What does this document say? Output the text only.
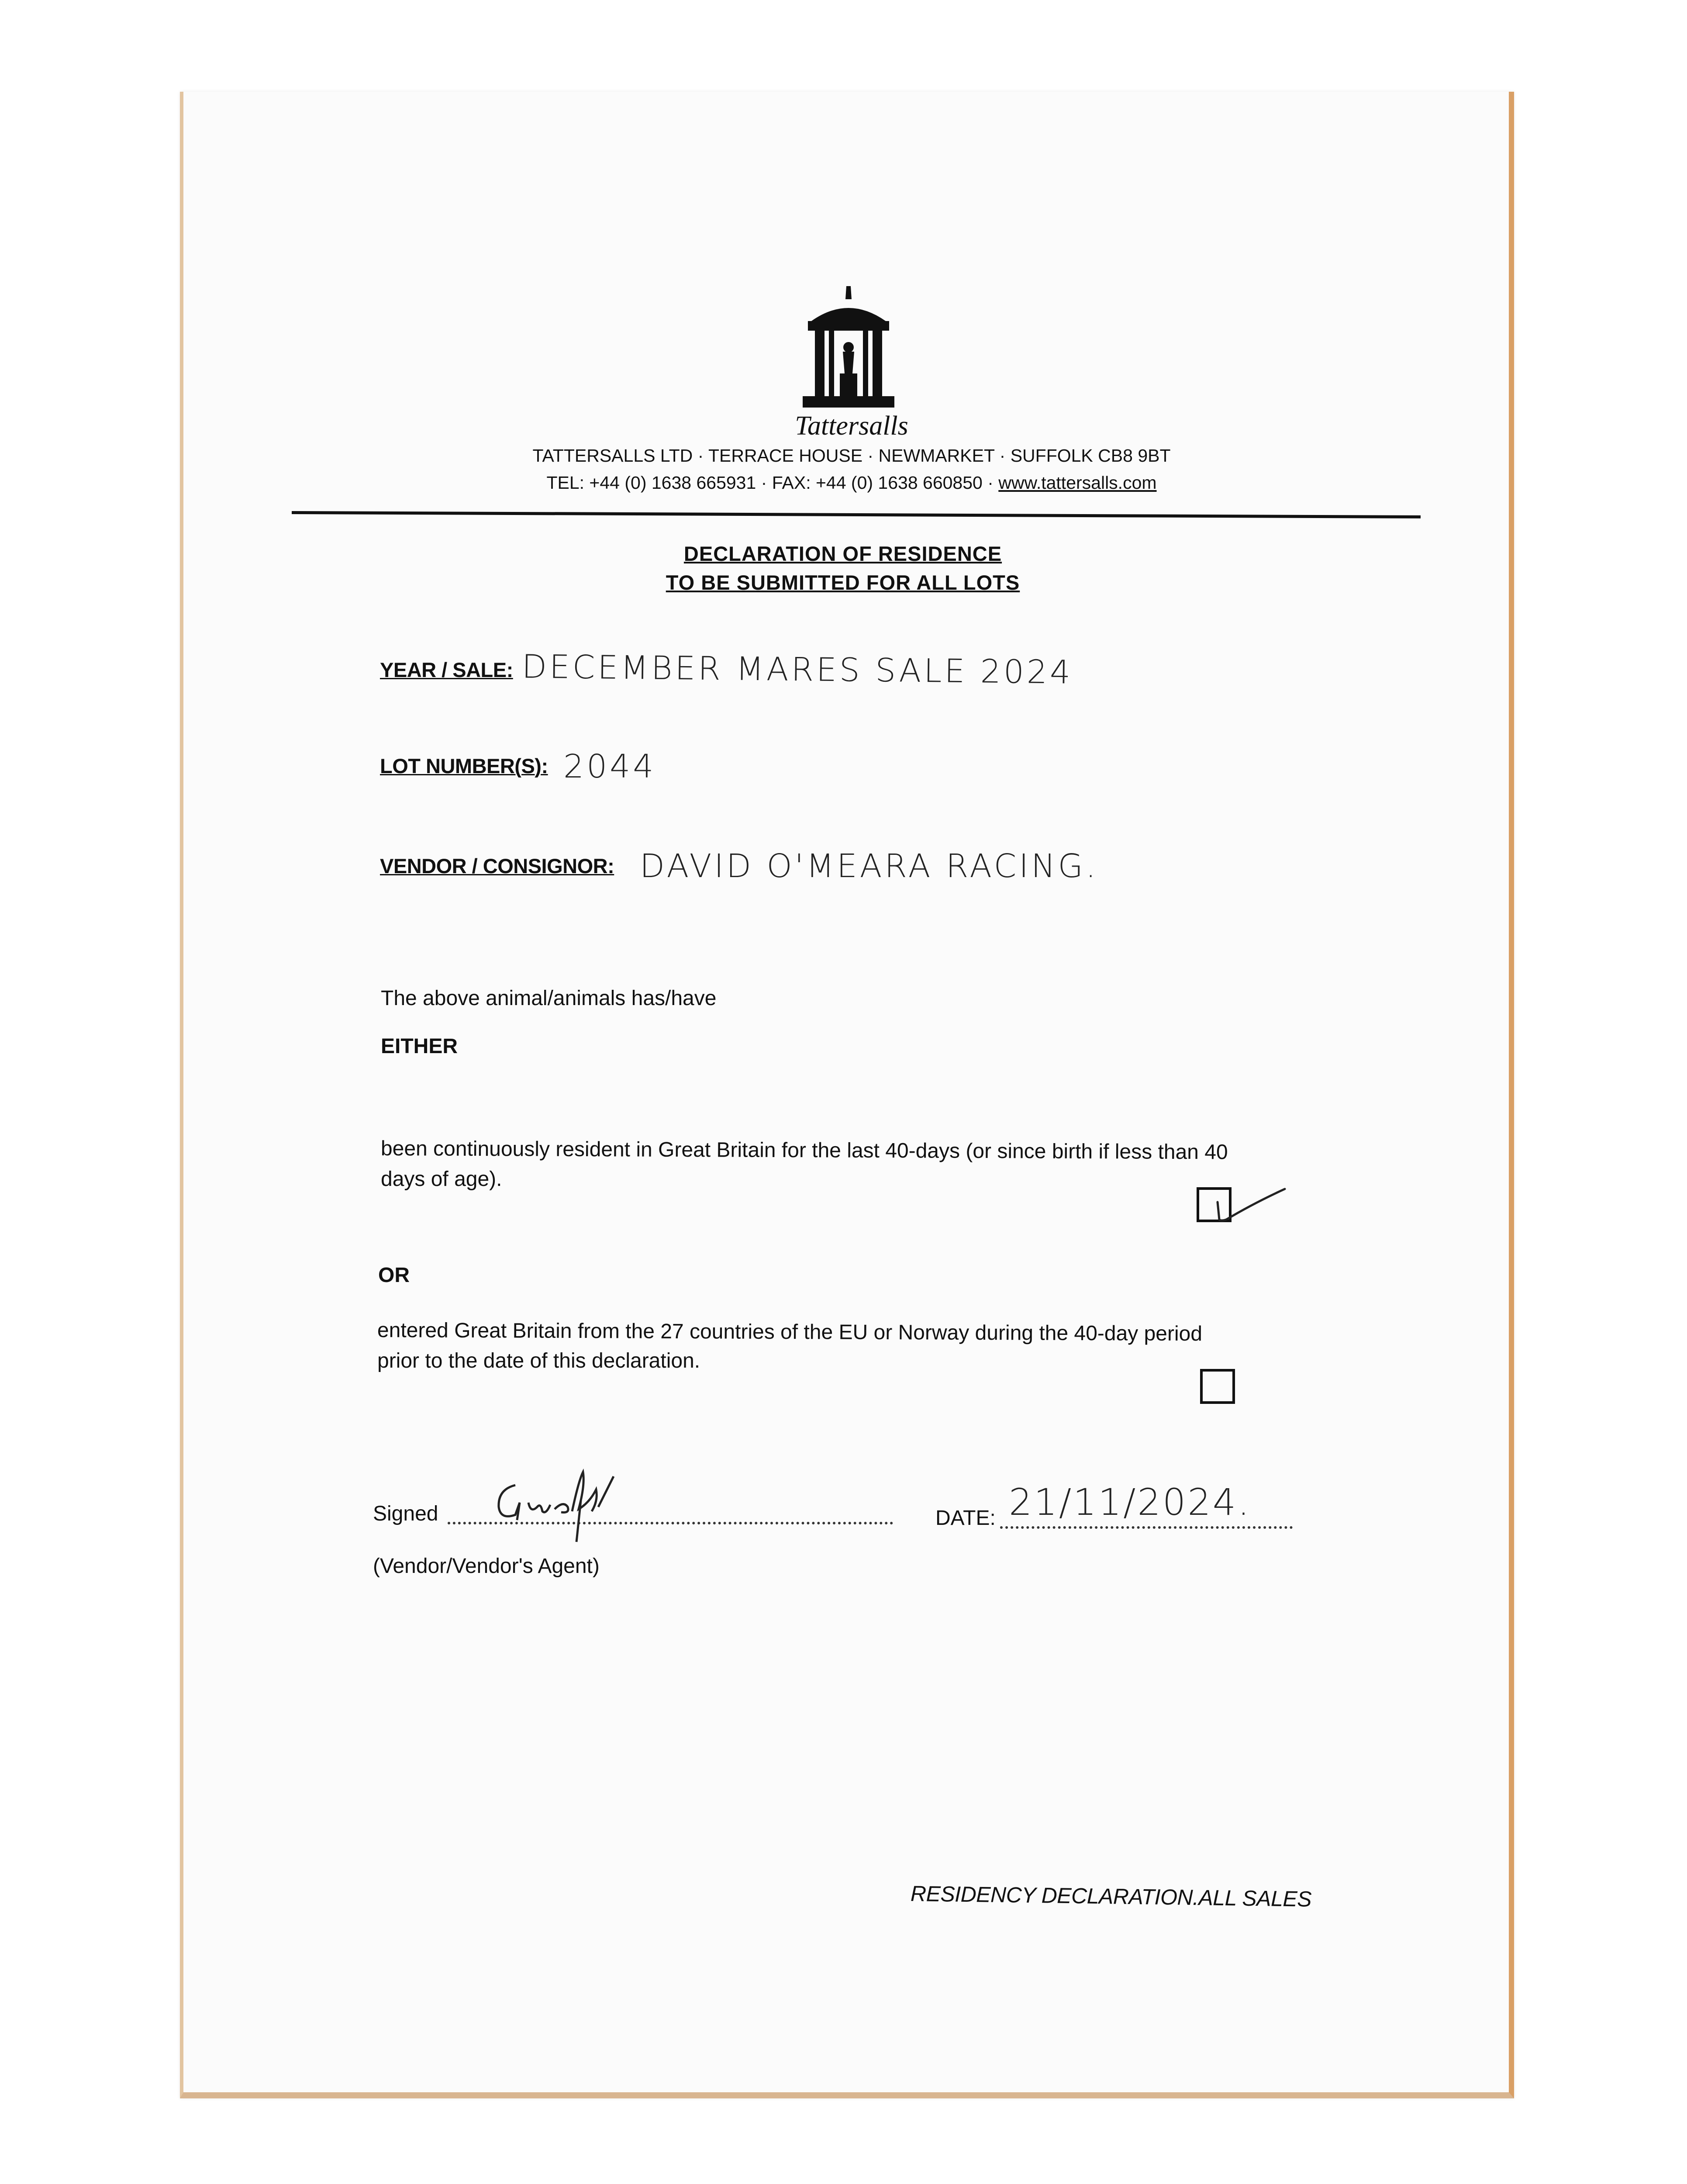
Tattersalls
TATTERSALLS LTD · TERRACE HOUSE · NEWMARKET · SUFFOLK CB8 9BT
TEL: +44 (0) 1638 665931 · FAX: +44 (0) 1638 660850 · www.tattersalls.com
DECLARATION OF RESIDENCE
TO BE SUBMITTED FOR ALL LOTS
YEAR / SALE: DECEMBER MARES SALE 2024
LOT NUMBER(S): 2044
VENDOR / CONSIGNOR: DAVID O'MEARA RACING.
The above animal/animals has/have
EITHER
been continuously resident in Great Britain for the last 40-days (or since birth if less than 40
days of age).
OR
entered Great Britain from the 27 countries of the EU or Norway during the 40-day period
prior to the date of this declaration.
Signed
(Vendor/Vendor's Agent)
DATE: 21/11/2024.
RESIDENCY DECLARATION.ALL SALES
